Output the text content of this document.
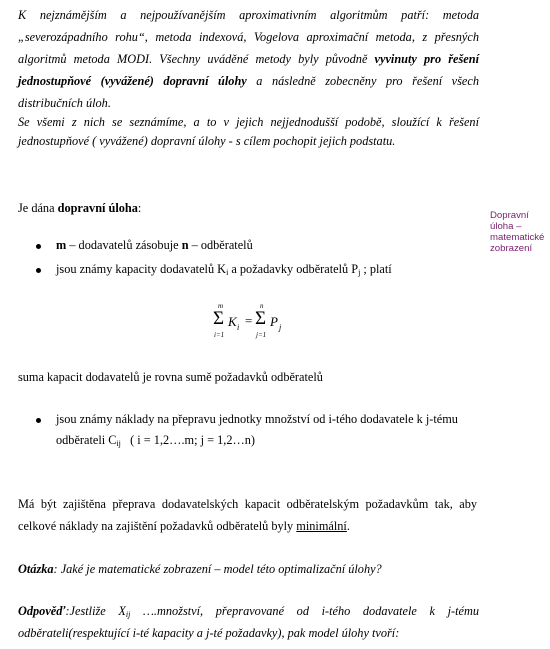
K nejznámějším a nejpoužívanějším aproximativním algoritmům patří: metoda
„severozápadního rohu“, metoda indexová, Vogelova aproximační metoda, z přesných
algoritmů metoda MODI. Všechny uváděné metody byly původně vyvinuty pro řešení
jednostupňové (vyvážené) dopravní úlohy a následně zobecněny pro řešení všech
distribučních úloh.
Se všemi z nich se seznámíme, a to v jejich nejjednodušší podobě, sloužící k řešení
jednostupňové ( vyvážené) dopravní úlohy - s cílem pochopit jejich podstatu.
Je dána dopravní úloha:
Dopravní
úloha –
matematické
zobrazení
m – dodavatelů zásobuje n – odběratelů
jsou známy kapacity dodavatelů $K_i$ a požadavky odběratelů $P_j$ ; platí
m
Σ
i=1
K i =
n
Σ
j=1
P j
suma kapacit dodavatelů je rovna sumě požadavků odběratelů
jsou známy náklady na přepravu jednotky množství od i-tého dodavatele k j-tému
odběrateli $C_{ij}$ ( i = 1,2….m; j = 1,2…n)
Má být zajištěna přeprava dodavatelských kapacit odběratelským požadavkům tak, aby
celkové náklady na zajištění požadavků odběratelů byly minimální.
Otázka: Jaké je matematické zobrazení – model této optimalizační úlohy?
Odpověď:Jestliže $X_{ij}$ ….množství, přepravované od i-tého dodavatele k j-tému
odběrateli(respektující i-té kapacity a j-té požadavky), pak model úlohy tvoří:
